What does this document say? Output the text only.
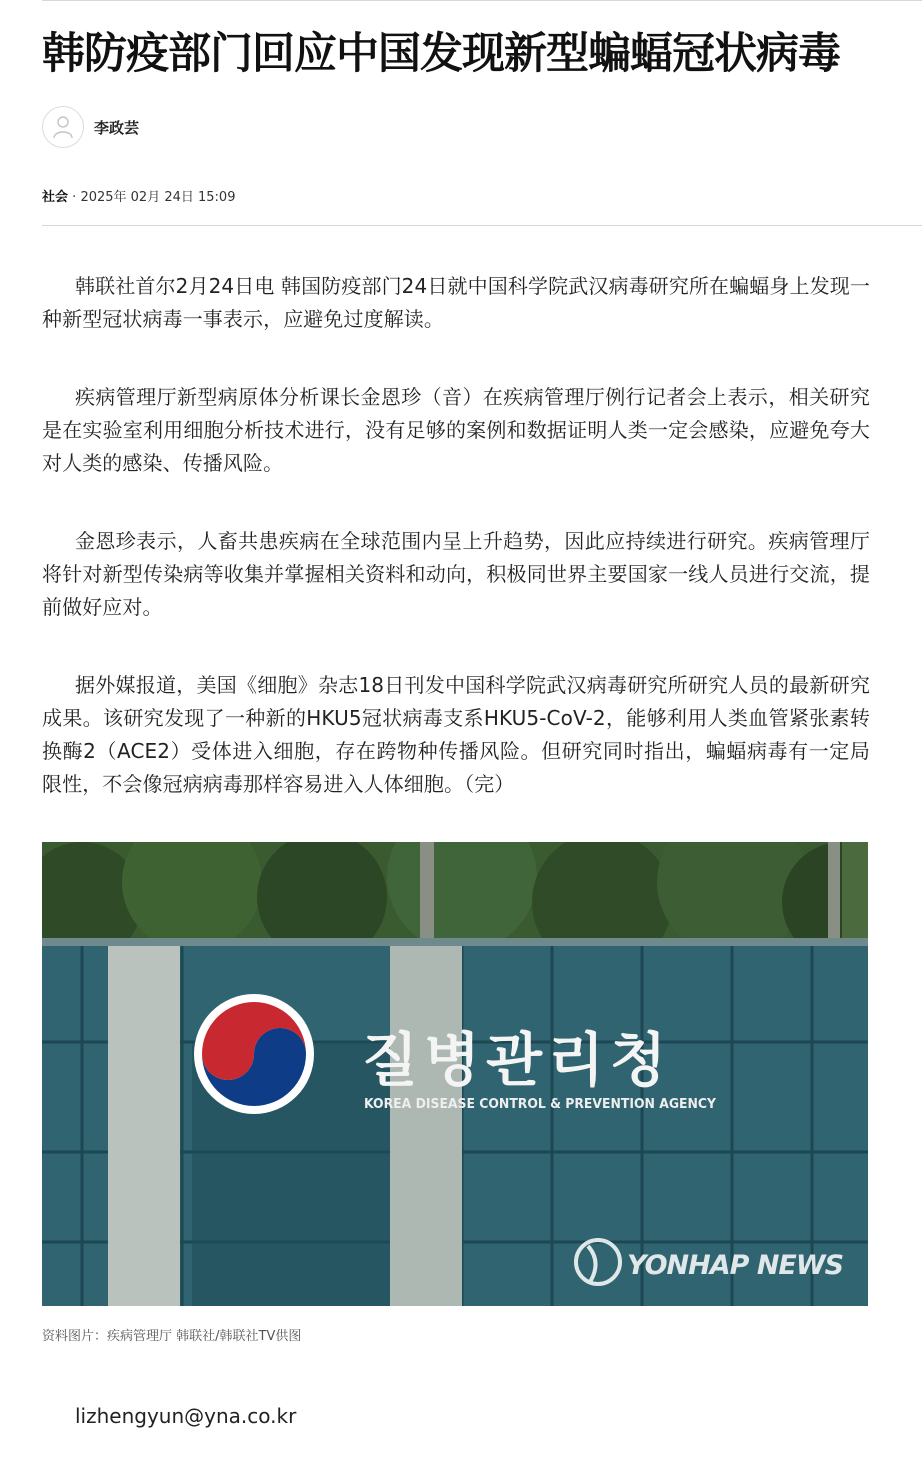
韩防疫部门回应中国发现新型蝙蝠冠状病毒
李政芸
社会 · 2025年 02月 24日 15:09

韩联社首尔2月24日电 韩国防疫部门24日就中国科学院武汉病毒研究所在蝙蝠身上发现一种新型冠状病毒一事表示，应避免过度解读。

疾病管理厅新型病原体分析课长金恩珍（音）在疾病管理厅例行记者会上表示，相关研究是在实验室利用细胞分析技术进行，没有足够的案例和数据证明人类一定会感染，应避免夸大对人类的感染、传播风险。

金恩珍表示，人畜共患疾病在全球范围内呈上升趋势，因此应持续进行研究。疾病管理厅将针对新型传染病等收集并掌握相关资料和动向，积极同世界主要国家一线人员进行交流，提前做好应对。

据外媒报道，美国《细胞》杂志18日刊发中国科学院武汉病毒研究所研究人员的最新研究成果。该研究发现了一种新的HKU5冠状病毒支系HKU5-CoV-2，能够利用人类血管紧张素转换酶2（ACE2）受体进入细胞，存在跨物种传播风险。但研究同时指出，蝙蝠病毒有一定局限性，不会像冠病病毒那样容易进入人体细胞。（完）

질병관리청
KOREA DISEASE CONTROL & PREVENTION AGENCY
YONHAP NEWS
资料图片：疾病管理厅 韩联社/韩联社TV供图
lizhengyun@yna.co.kr
